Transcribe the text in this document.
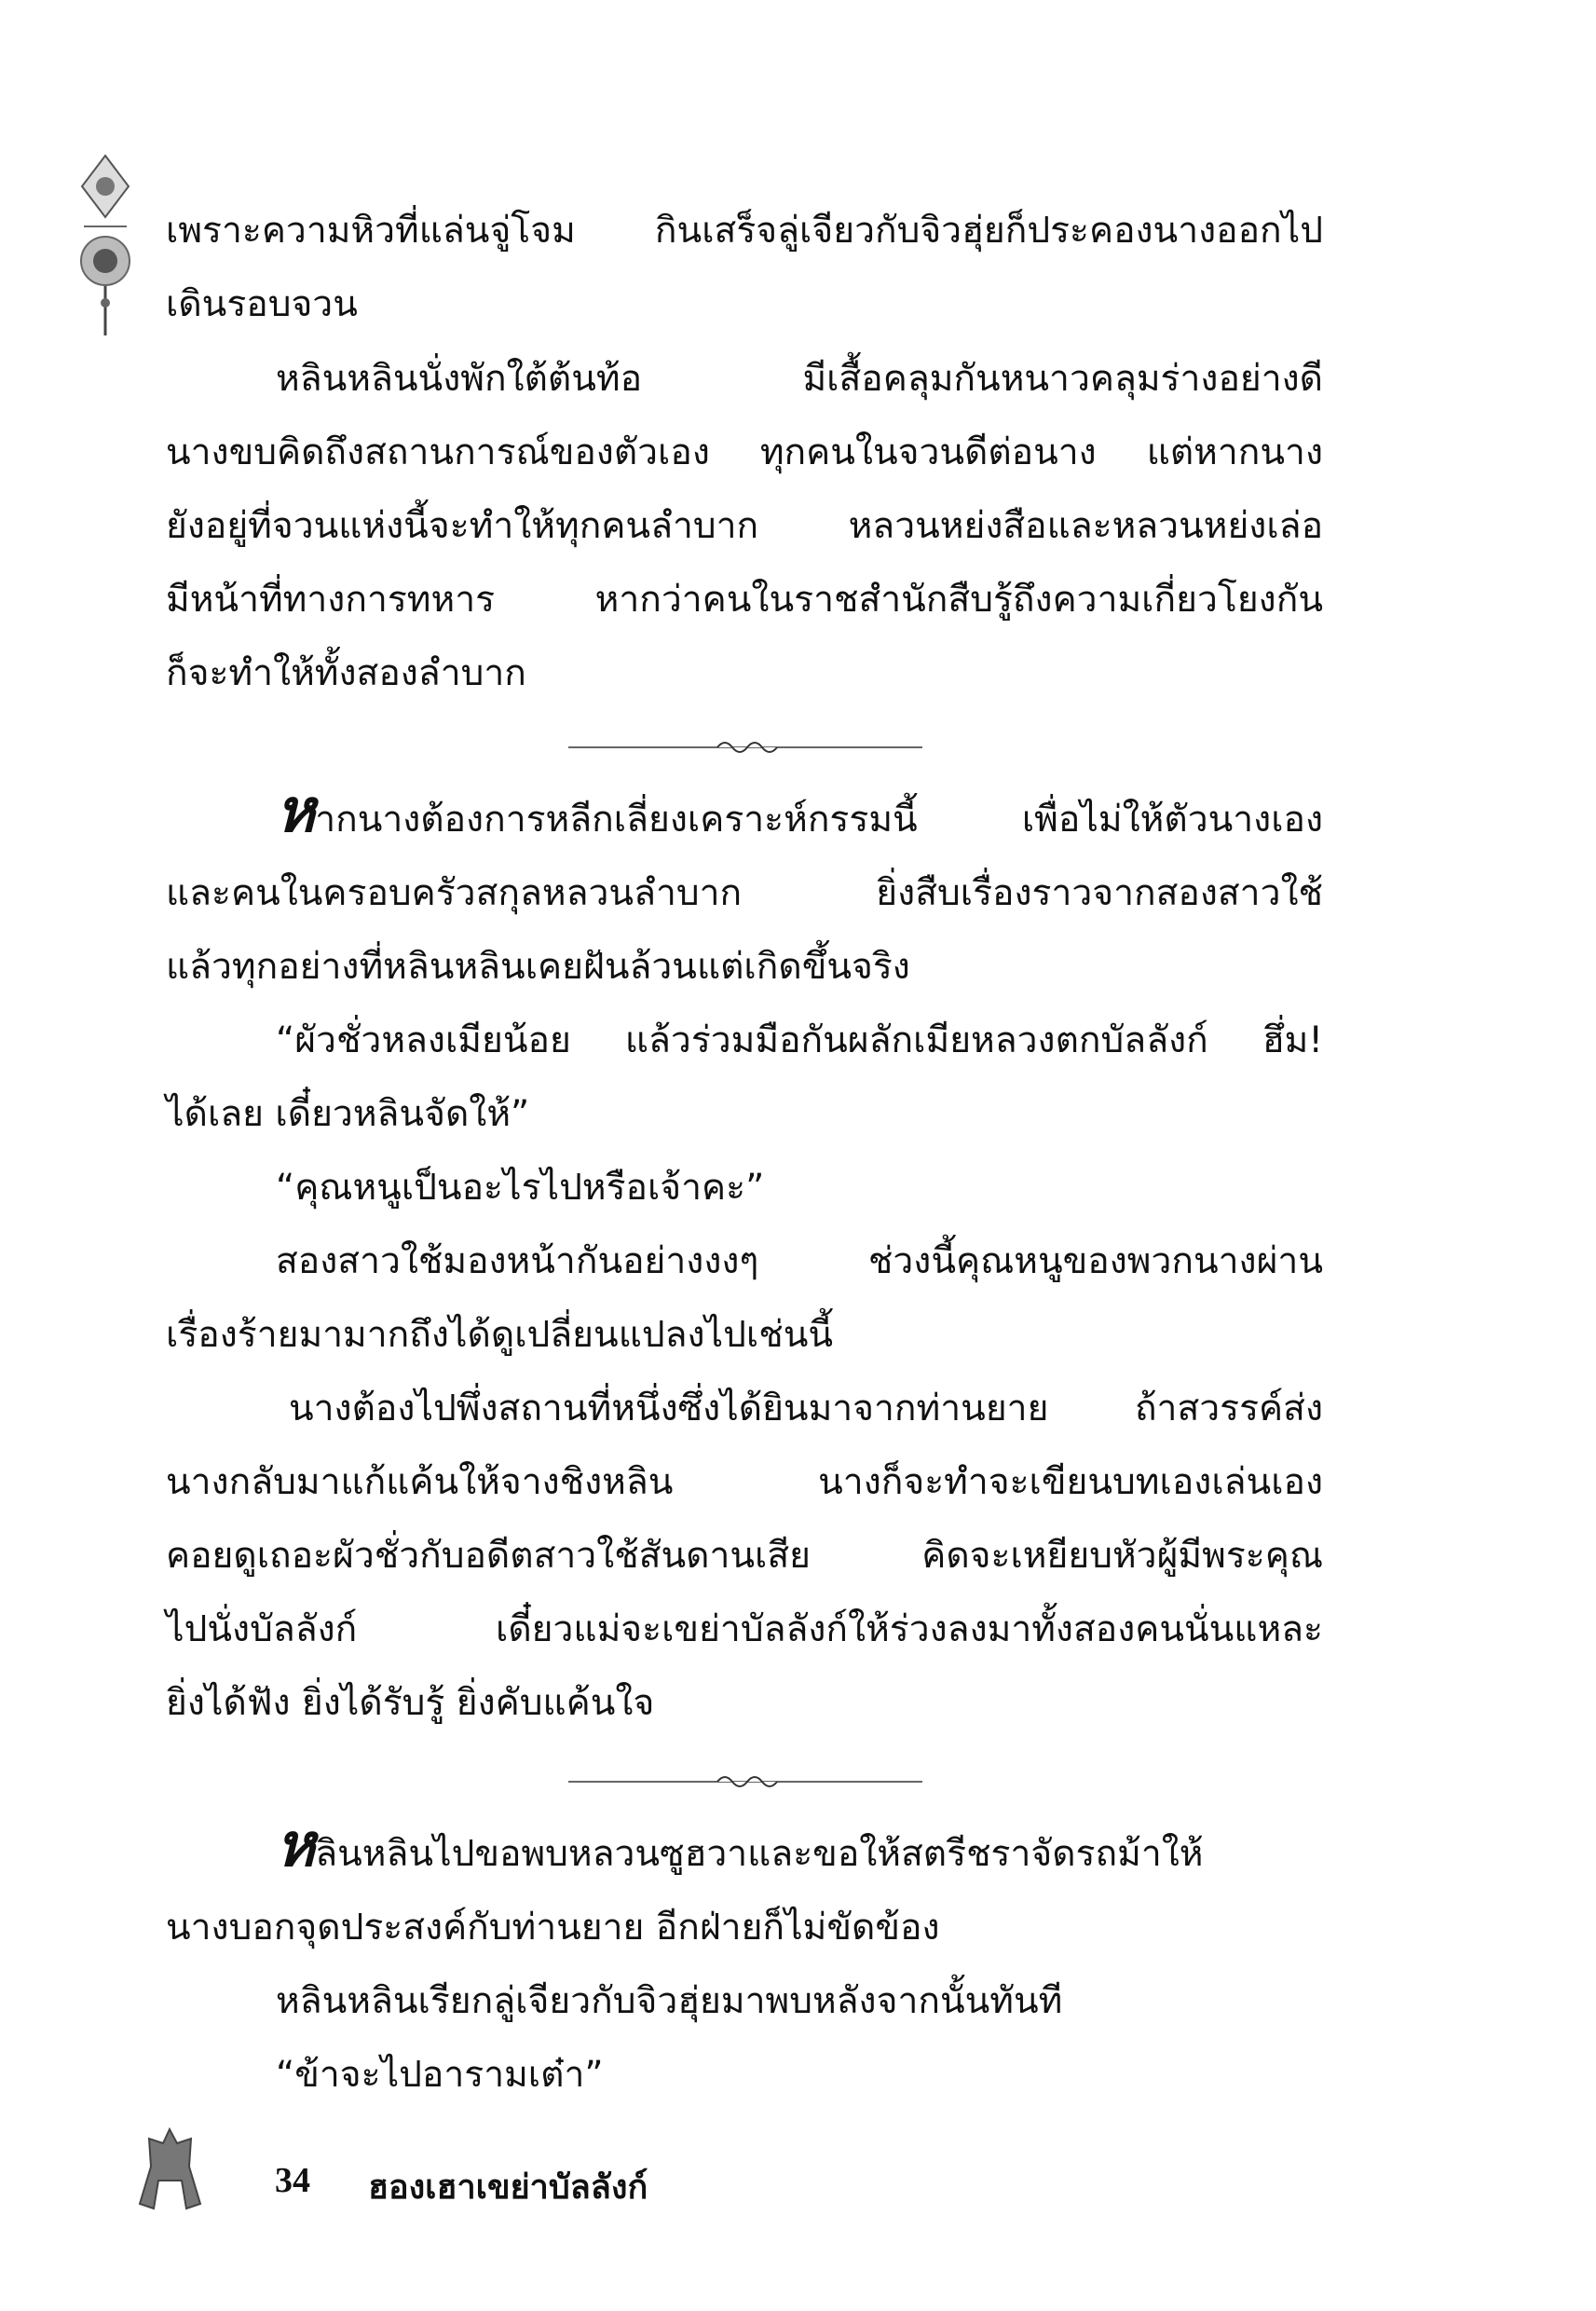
เพราะความหิวที่แล่นจู่โจม กินเสร็จลู่เจียวกับจิวฮุ่ยก็ประคองนางออกไป
เดินรอบจวน
หลินหลินนั่งพักใต้ต้นท้อ มีเสื้อคลุมกันหนาวคลุมร่างอย่างดี
นางขบคิดถึงสถานการณ์ของตัวเอง ทุกคนในจวนดีต่อนาง แต่หากนาง
ยังอยู่ที่จวนแห่งนี้จะทำให้ทุกคนลำบาก หลวนหย่งสือและหลวนหย่งเล่อ
มีหน้าที่ทางการทหาร หากว่าคนในราชสำนักสืบรู้ถึงความเกี่ยวโยงกัน
ก็จะทำให้ทั้งสองลำบาก
หากนางต้องการหลีกเลี่ยงเคราะห์กรรมนี้ เพื่อไม่ให้ตัวนางเอง
และคนในครอบครัวสกุลหลวนลำบาก ยิ่งสืบเรื่องราวจากสองสาวใช้
แล้วทุกอย่างที่หลินหลินเคยฝันล้วนแต่เกิดขึ้นจริง
“ผัวชั่วหลงเมียน้อย แล้วร่วมมือกันผลักเมียหลวงตกบัลลังก์ ฮึ่ม!
ได้เลย เดี๋ยวหลินจัดให้”
“คุณหนูเป็นอะไรไปหรือเจ้าคะ”
สองสาวใช้มองหน้ากันอย่างงงๆ ช่วงนี้คุณหนูของพวกนางผ่าน
เรื่องร้ายมามากถึงได้ดูเปลี่ยนแปลงไปเช่นนี้
นางต้องไปพึ่งสถานที่หนึ่งซึ่งได้ยินมาจากท่านยาย ถ้าสวรรค์ส่ง
นางกลับมาแก้แค้นให้จางชิงหลิน นางก็จะทำจะเขียนบทเองเล่นเอง
คอยดูเถอะผัวชั่วกับอดีตสาวใช้สันดานเสีย คิดจะเหยียบหัวผู้มีพระคุณ
ไปนั่งบัลลังก์ เดี๋ยวแม่จะเขย่าบัลลังก์ให้ร่วงลงมาทั้งสองคนนั่นแหละ
ยิ่งได้ฟัง ยิ่งได้รับรู้ ยิ่งคับแค้นใจ
หลินหลินไปขอพบหลวนซูฮวาและขอให้สตรีชราจัดรถม้าให้
นางบอกจุดประสงค์กับท่านยาย อีกฝ่ายก็ไม่ขัดข้อง
หลินหลินเรียกลู่เจียวกับจิวฮุ่ยมาพบหลังจากนั้นทันที
“ข้าจะไปอารามเต๋า”
34 ฮองเฮาเขย่าบัลลังก์
